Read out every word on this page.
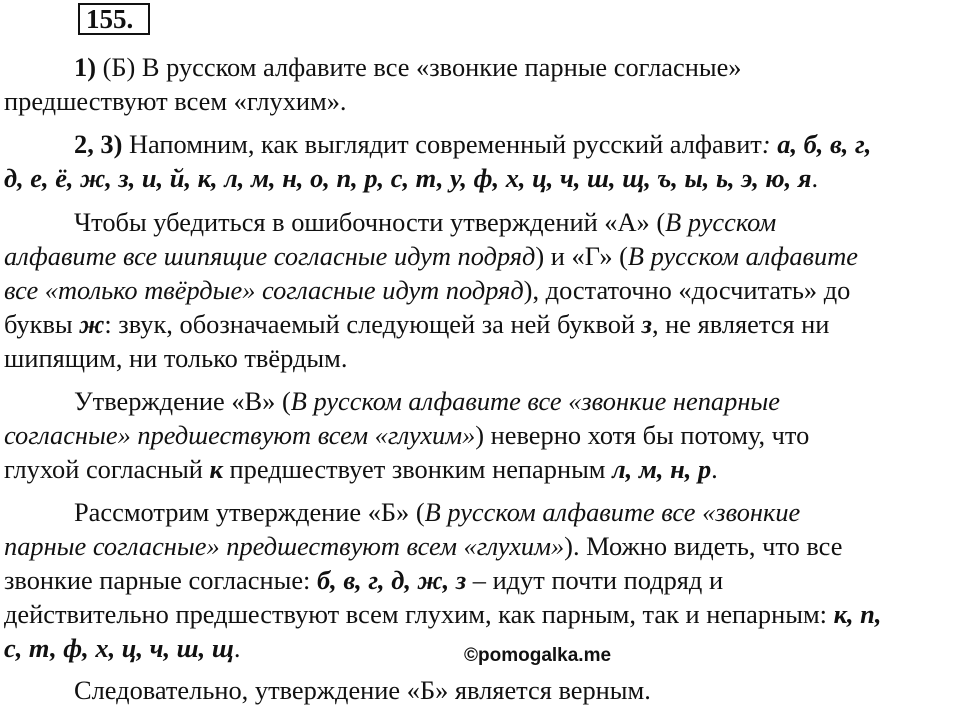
155.

1) (Б) В русском алфавите все «звонкие парные согласные»
предшествуют всем «глухим».

2, 3) Напомним, как выглядит современный русский алфавит: а, б, в, г,
д, е, ё, ж, з, и, й, к, л, м, н, о, п, р, с, т, у, ф, х, ц, ч, ш, щ, ъ, ы, ь, э, ю, я.

Чтобы убедиться в ошибочности утверждений «А» (В русском
алфавите все шипящие согласные идут подряд) и «Г» (В русском алфавите
все «только твёрдые» согласные идут подряд), достаточно «досчитать» до
буквы ж: звук, обозначаемый следующей за ней буквой з, не является ни
шипящим, ни только твёрдым.

Утверждение «В» (В русском алфавите все «звонкие непарные
согласные» предшествуют всем «глухим») неверно хотя бы потому, что
глухой согласный к предшествует звонким непарным л, м, н, р.

Рассмотрим утверждение «Б» (В русском алфавите все «звонкие
парные согласные» предшествуют всем «глухим»). Можно видеть, что все
звонкие парные согласные: б, в, г, д, ж, з – идут почти подряд и
действительно предшествуют всем глухим, как парным, так и непарным: к, п,
с, т, ф, х, ц, ч, ш, щ.

Следовательно, утверждение «Б» является верным.

©pomogalka.me
